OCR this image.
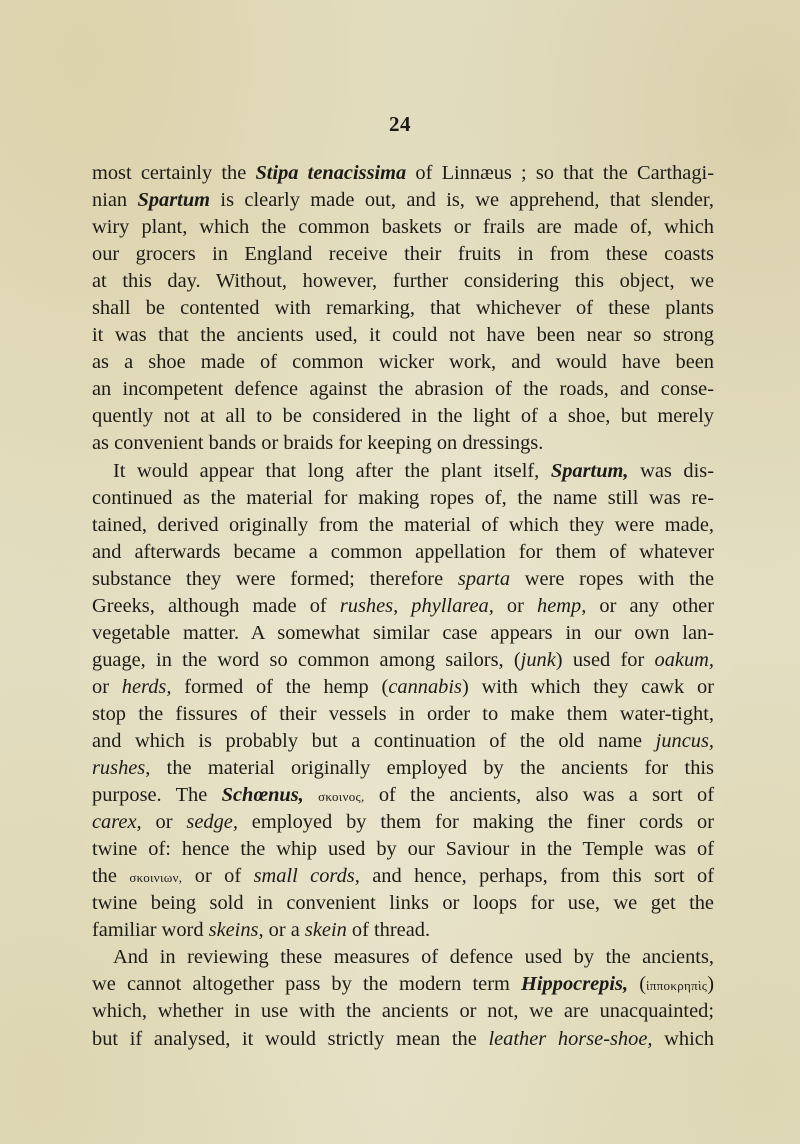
24
most certainly the Stipa tenacissima of Linnæus ; so that the Carthagi-
nian Spartum is clearly made out, and is, we apprehend, that slender,
wiry plant, which the common baskets or frails are made of, which
our grocers in England receive their fruits in from these coasts
at this day. Without, however, further considering this object, we
shall be contented with remarking, that whichever of these plants
it was that the ancients used, it could not have been near so strong
as a shoe made of common wicker work, and would have been
an incompetent defence against the abrasion of the roads, and conse-
quently not at all to be considered in the light of a shoe, but merely
as convenient bands or braids for keeping on dressings.
It would appear that long after the plant itself, Spartum, was dis-
continued as the material for making ropes of, the name still was re-
tained, derived originally from the material of which they were made,
and afterwards became a common appellation for them of whatever
substance they were formed; therefore sparta were ropes with the
Greeks, although made of rushes, phyllarea, or hemp, or any other
vegetable matter. A somewhat similar case appears in our own lan-
guage, in the word so common among sailors, (junk) used for oakum,
or herds, formed of the hemp (cannabis) with which they cawk or
stop the fissures of their vessels in order to make them water-tight,
and which is probably but a continuation of the old name juncus,
rushes, the material originally employed by the ancients for this
purpose. The Schœnus, σκοινος, of the ancients, also was a sort of
carex, or sedge, employed by them for making the finer cords or
twine of: hence the whip used by our Saviour in the Temple was of
the σκοινιων, or of small cords, and hence, perhaps, from this sort of
twine being sold in convenient links or loops for use, we get the
familiar word skeins, or a skein of thread.
And in reviewing these measures of defence used by the ancients,
we cannot altogether pass by the modern term Hippocrepis, (ἱπποκρηπὶς)
which, whether in use with the ancients or not, we are unacquainted;
but if analysed, it would strictly mean the leather horse-shoe, which
